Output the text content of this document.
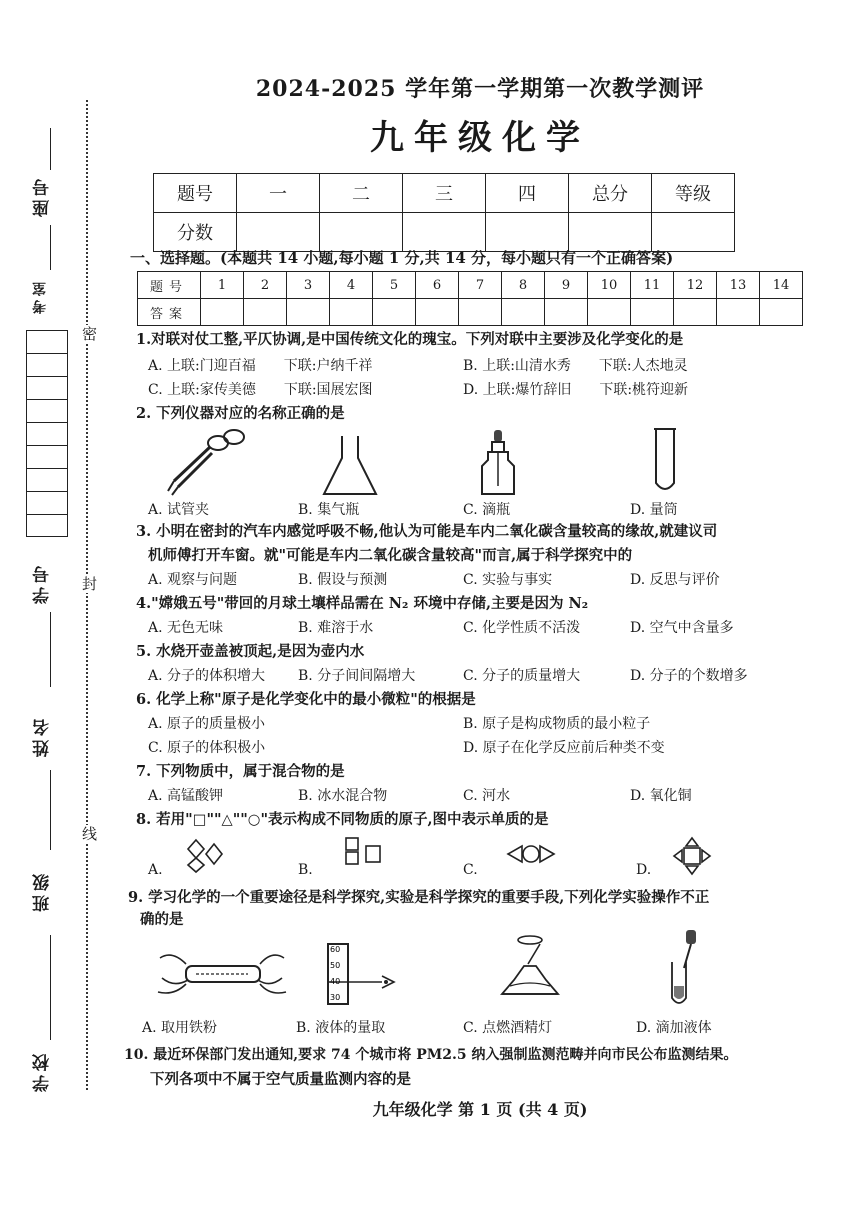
密
封
线
座号
考室
学号
姓名
班级
学校
2024-2025 学年第一学期第一次教学测评
九年级化学
题号	一	二	三	四	总分	等级
分数						
一、选择题。(本题共 14 小题,每小题 1 分,共 14 分，每小题只有一个正确答案)
题号	1	2	3	4	5	6	7	8	9	10	11	12	13	14
答案														
1.对联对仗工整,平仄协调,是中国传统文化的瑰宝。下列对联中主要涉及化学变化的是
A. 上联:门迎百福　　下联:户纳千祥	B. 上联:山清水秀　　下联:人杰地灵
C. 上联:家传美德　　下联:国展宏图	D. 上联:爆竹辞旧　　下联:桃符迎新
2. 下列仪器对应的名称正确的是
A. 试管夹	B. 集气瓶	C. 滴瓶	D. 量筒
3. 小明在密封的汽车内感觉呼吸不畅,他认为可能是车内二氧化碳含量较高的缘故,就建议司
机师傅打开车窗。就"可能是车内二氧化碳含量较高"而言,属于科学探究中的
A. 观察与问题	B. 假设与预测	C. 实验与事实	D. 反思与评价
4."嫦娥五号"带回的月球土壤样品需在 N₂ 环境中存储,主要是因为 N₂
A. 无色无味	B. 难溶于水	C. 化学性质不活泼	D. 空气中含量多
5. 水烧开壶盖被顶起,是因为壶内水
A. 分子的体积增大 B. 分子间间隔增大	C. 分子的质量增大	D. 分子的个数增多
6. 化学上称"原子是化学变化中的最小微粒"的根据是
A. 原子的质量极小	B. 原子是构成物质的最小粒子
C. 原子的体积极小	D. 原子在化学反应前后种类不变
7. 下列物质中，属于混合物的是
A. 高锰酸钾	B. 冰水混合物	C. 河水	D. 氧化铜
8. 若用"□""△""○"表示构成不同物质的原子,图中表示单质的是
A.	B.	C.	D.
9. 学习化学的一个重要途径是科学探究,实验是科学探究的重要手段,下列化学实验操作不正
确的是
60
50
40
30
A. 取用铁粉	B. 液体的量取	C. 点燃酒精灯	D. 滴加液体
10. 最近环保部门发出通知,要求 74 个城市将 PM2.5 纳入强制监测范畴并向市民公布监测结果。
下列各项中不属于空气质量监测内容的是
九年级化学 第 1 页 (共 4 页)
